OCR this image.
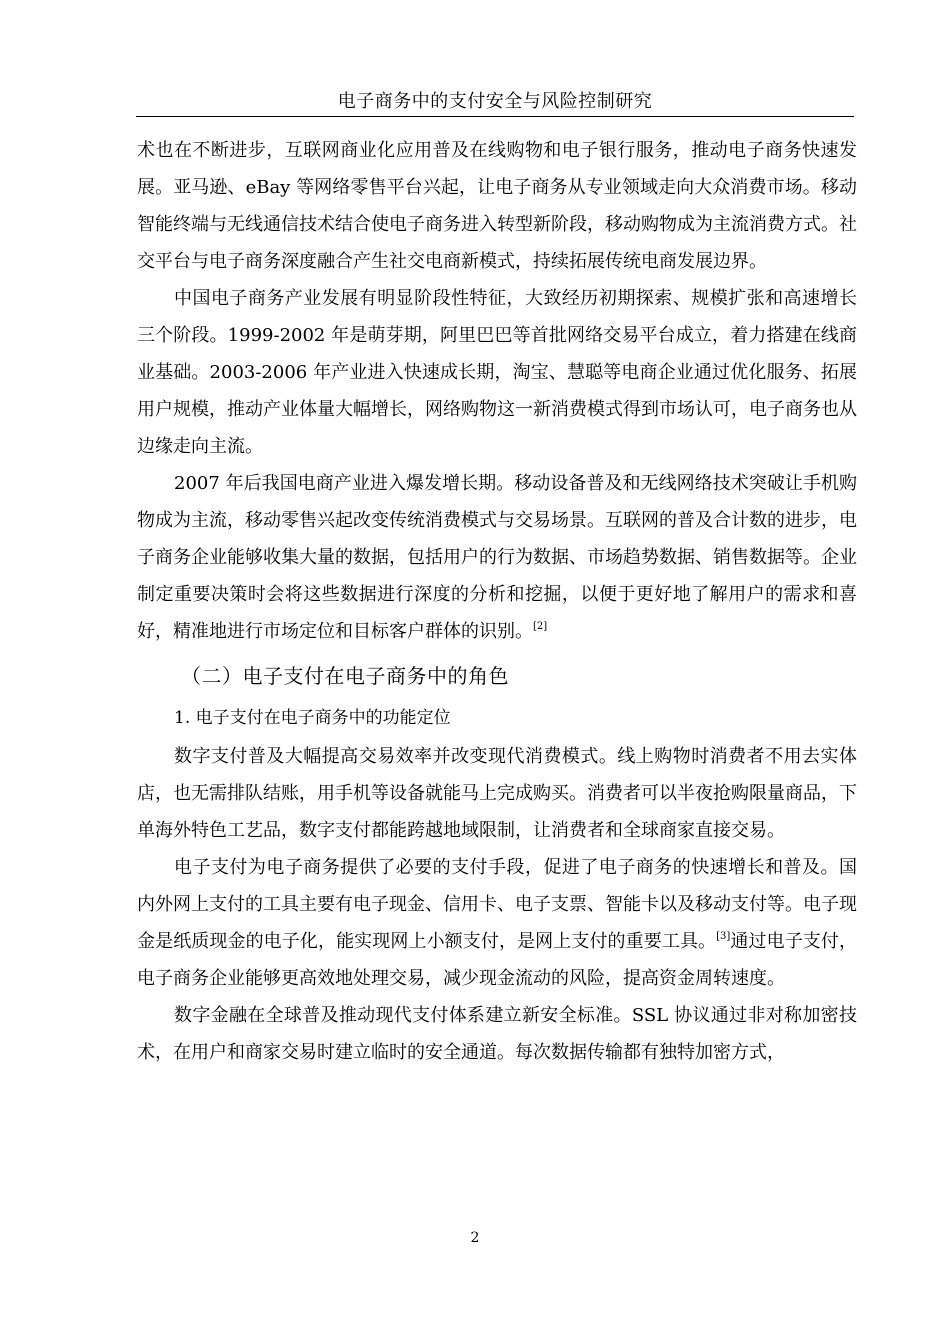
电子商务中的支付安全与风险控制研究

术也在不断进步，互联网商业化应用普及在线购物和电子银行服务，推动电子商务快速发展。亚马逊、eBay 等网络零售平台兴起，让电子商务从专业领域走向大众消费市场。移动智能终端与无线通信技术结合使电子商务进入转型新阶段，移动购物成为主流消费方式。社交平台与电子商务深度融合产生社交电商新模式，持续拓展传统电商发展边界。

中国电子商务产业发展有明显阶段性特征，大致经历初期探索、规模扩张和高速增长三个阶段。1999-2002 年是萌芽期，阿里巴巴等首批网络交易平台成立，着力搭建在线商业基础。2003-2006 年产业进入快速成长期，淘宝、慧聪等电商企业通过优化服务、拓展用户规模，推动产业体量大幅增长，网络购物这一新消费模式得到市场认可，电子商务也从边缘走向主流。

2007 年后我国电商产业进入爆发增长期。移动设备普及和无线网络技术突破让手机购物成为主流，移动零售兴起改变传统消费模式与交易场景。互联网的普及合计数的进步，电子商务企业能够收集大量的数据，包括用户的行为数据、市场趋势数据、销售数据等。企业制定重要决策时会将这些数据进行深度的分析和挖掘，以便于更好地了解用户的需求和喜好，精准地进行市场定位和目标客户群体的识别。[2]

（二）电子支付在电子商务中的角色
1. 电子支付在电子商务中的功能定位

数字支付普及大幅提高交易效率并改变现代消费模式。线上购物时消费者不用去实体店，也无需排队结账，用手机等设备就能马上完成购买。消费者可以半夜抢购限量商品，下单海外特色工艺品，数字支付都能跨越地域限制，让消费者和全球商家直接交易。

电子支付为电子商务提供了必要的支付手段，促进了电子商务的快速增长和普及。国内外网上支付的工具主要有电子现金、信用卡、电子支票、智能卡以及移动支付等。电子现金是纸质现金的电子化，能实现网上小额支付，是网上支付的重要工具。[3]通过电子支付，电子商务企业能够更高效地处理交易，减少现金流动的风险，提高资金周转速度。

数字金融在全球普及推动现代支付体系建立新安全标准。SSL 协议通过非对称加密技术，在用户和商家交易时建立临时的安全通道。每次数据传输都有独特加密方式，

2
